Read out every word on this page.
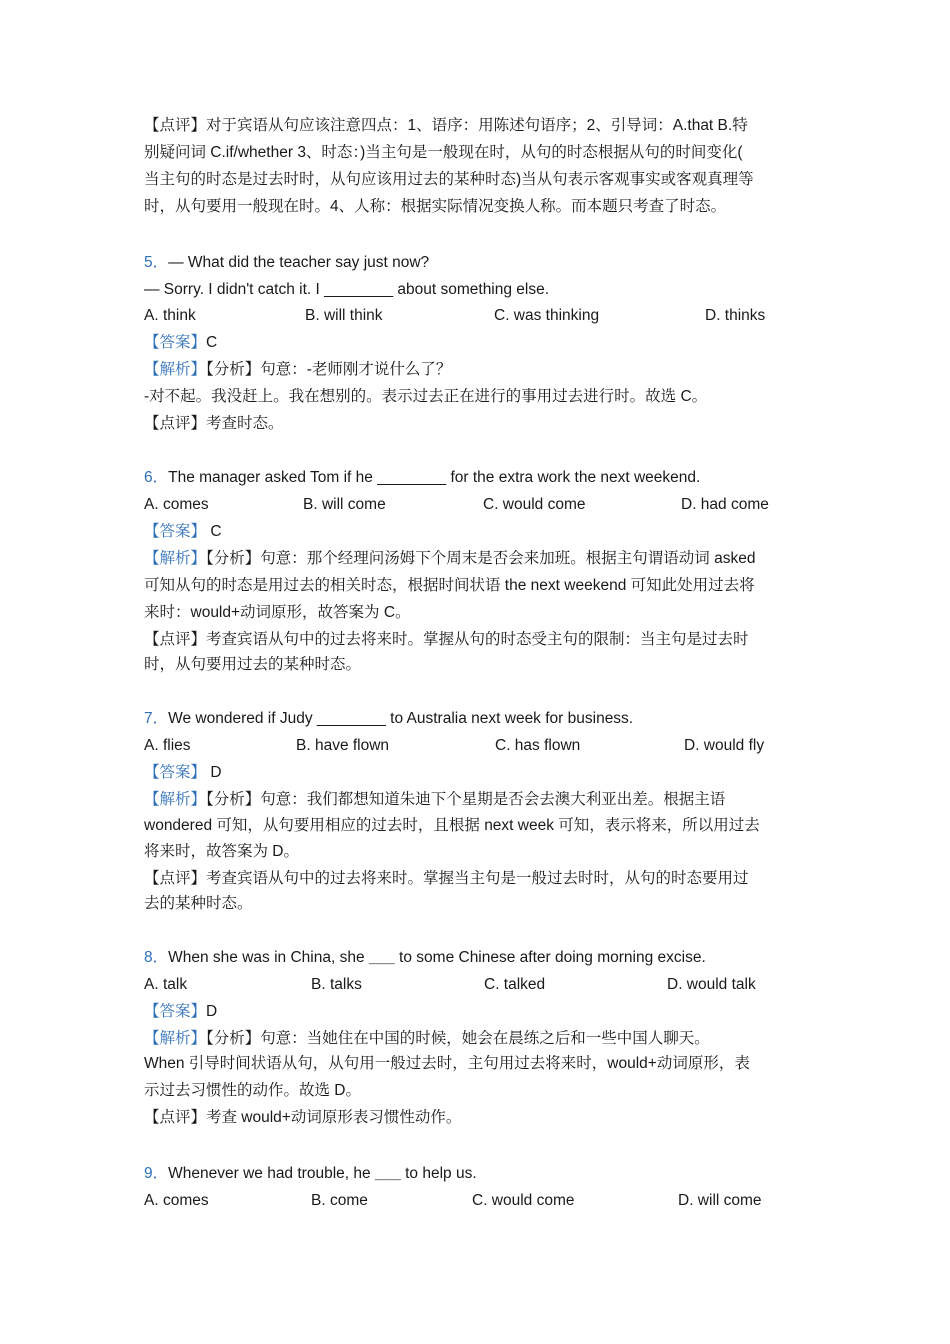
【点评】对于宾语从句应该注意四点：1、语序：用陈述句语序；2、引导词：A.that B.特
别疑问词 C.if/whether 3、时态：)当主句是一般现在时，从句的时态根据从句的时间变化(
当主句的时态是过去时时，从句应该用过去的某种时态)当从句表示客观事实或客观真理等
时，从句要用一般现在时。4、人称：根据实际情况变换人称。而本题只考查了时态。
5．— What did the teacher say just now?
— Sorry. I didn't catch it. I ________ about something else.
A. think	B. will think	C. was thinking	D. thinks
【答案】C
【解析】【分析】句意：-老师刚才说什么了？
-对不起。我没赶上。我在想别的。表示过去正在进行的事用过去进行时。故选 C。
【点评】考查时态。
6．The manager asked Tom if he ________ for the extra work the next weekend.
A. comes	B. will come	C. would come	D. had come
【答案】 C
【解析】【分析】句意：那个经理问汤姆下个周末是否会来加班。根据主句谓语动词 asked
可知从句的时态是用过去的相关时态，根据时间状语 the next weekend 可知此处用过去将
来时：would+动词原形，故答案为 C。
【点评】考查宾语从句中的过去将来时。掌握从句的时态受主句的限制：当主句是过去时
时，从句要用过去的某种时态。
7．We wondered if Judy ________ to Australia next week for business.
A. flies	B. have flown	C. has flown	D. would fly
【答案】 D
【解析】【分析】句意：我们都想知道朱迪下个星期是否会去澳大利亚出差。根据主语
wondered 可知，从句要用相应的过去时，且根据 next week 可知，表示将来，所以用过去
将来时，故答案为 D。
【点评】考查宾语从句中的过去将来时。掌握当主句是一般过去时时，从句的时态要用过
去的某种时态。
8．When she was in China, she ___ to some Chinese after doing morning excise.
A. talk	B. talks	C. talked	D. would talk
【答案】D
【解析】【分析】句意：当她住在中国的时候，她会在晨练之后和一些中国人聊天。
When 引导时间状语从句，从句用一般过去时，主句用过去将来时，would+动词原形，表
示过去习惯性的动作。故选 D。
【点评】考查 would+动词原形表习惯性动作。
9．Whenever we had trouble, he ___ to help us.
A. comes	B. come	C. would come	D. will come
